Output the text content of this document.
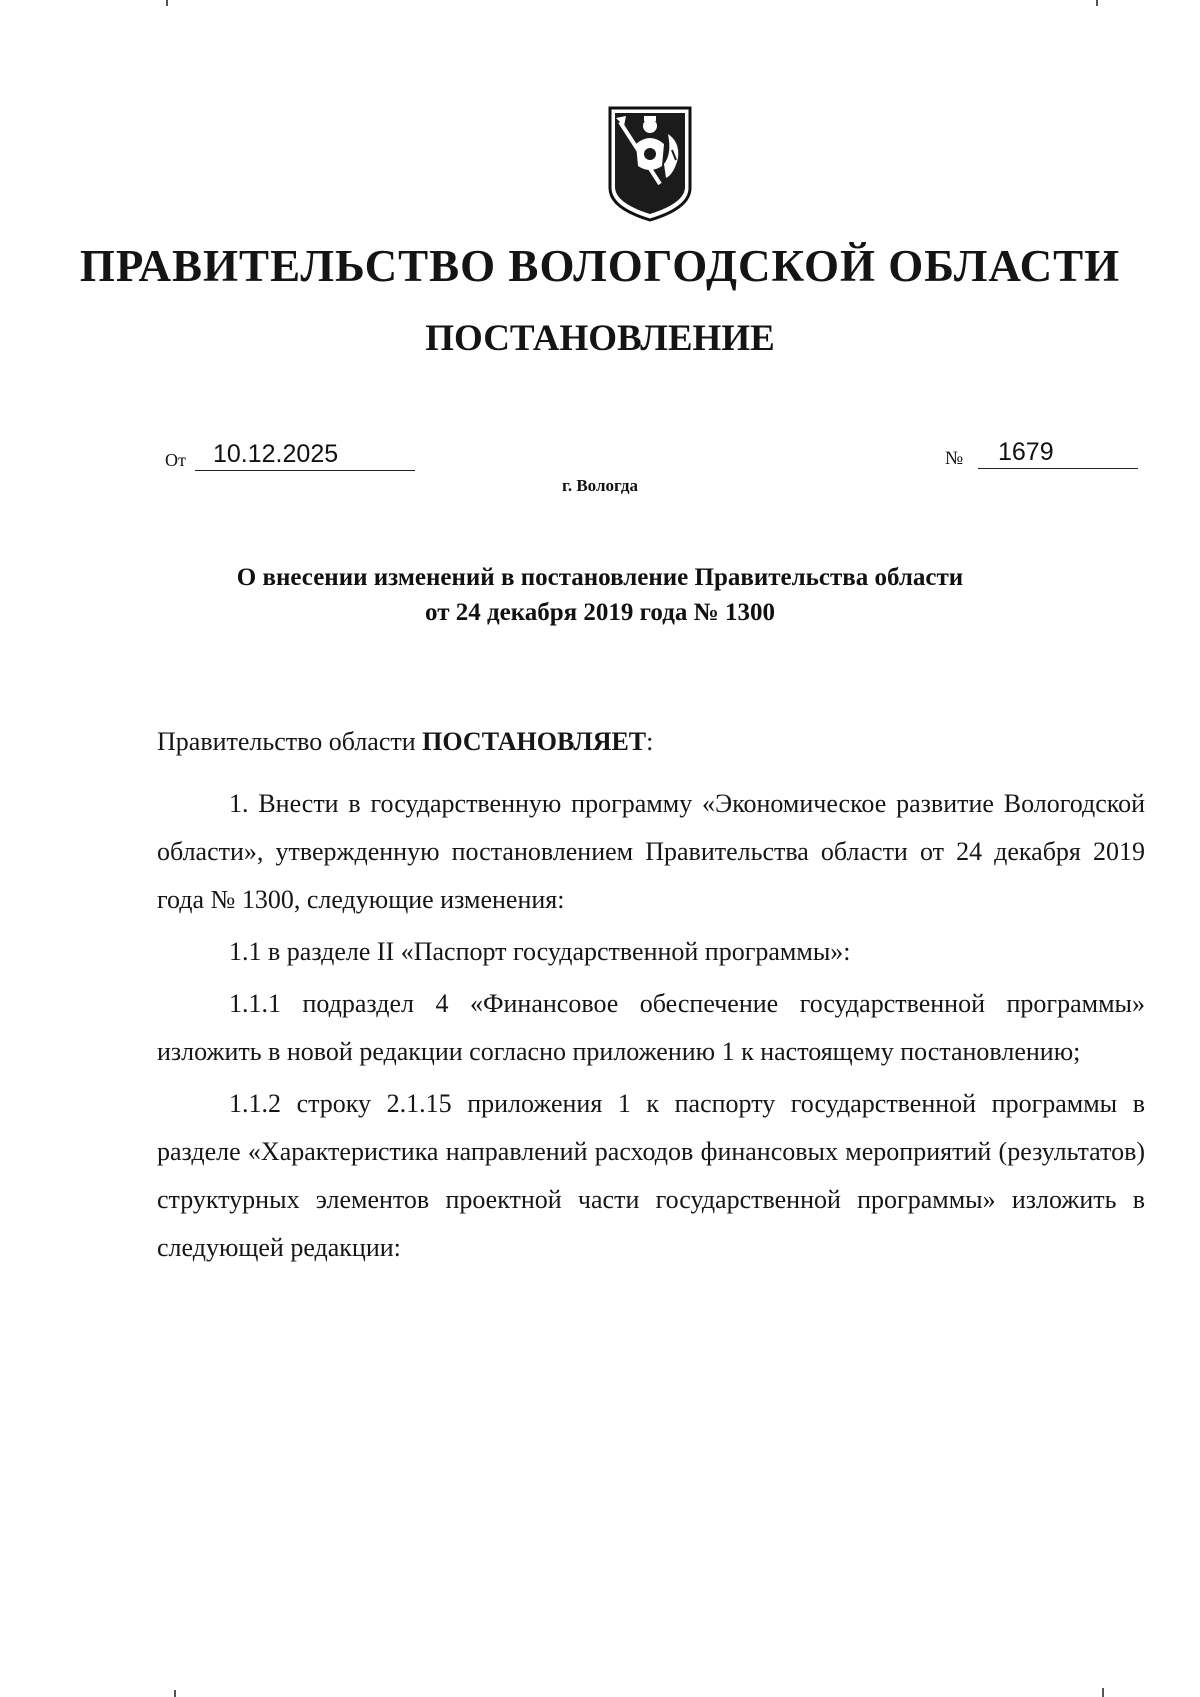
ПРАВИТЕЛЬСТВО ВОЛОГОДСКОЙ ОБЛАСТИ
ПОСТАНОВЛЕНИЕ
От	10.12.2025	№	1679
г. Вологда
О внесении изменений в постановление Правительства области
от 24 декабря 2019 года № 1300

Правительство области ПОСТАНОВЛЯЕТ:

1. Внести в государственную программу «Экономическое развитие Вологодской области», утвержденную постановлением Правительства области от 24 декабря 2019 года № 1300, следующие изменения:

1.1 в разделе II «Паспорт государственной программы»:

1.1.1 подраздел 4 «Финансовое обеспечение государственной программы» изложить в новой редакции согласно приложению 1 к настоящему постановлению;

1.1.2 строку 2.1.15 приложения 1 к паспорту государственной программы в разделе «Характеристика направлений расходов финансовых мероприятий (результатов) структурных элементов проектной части государственной программы» изложить в следующей редакции:
